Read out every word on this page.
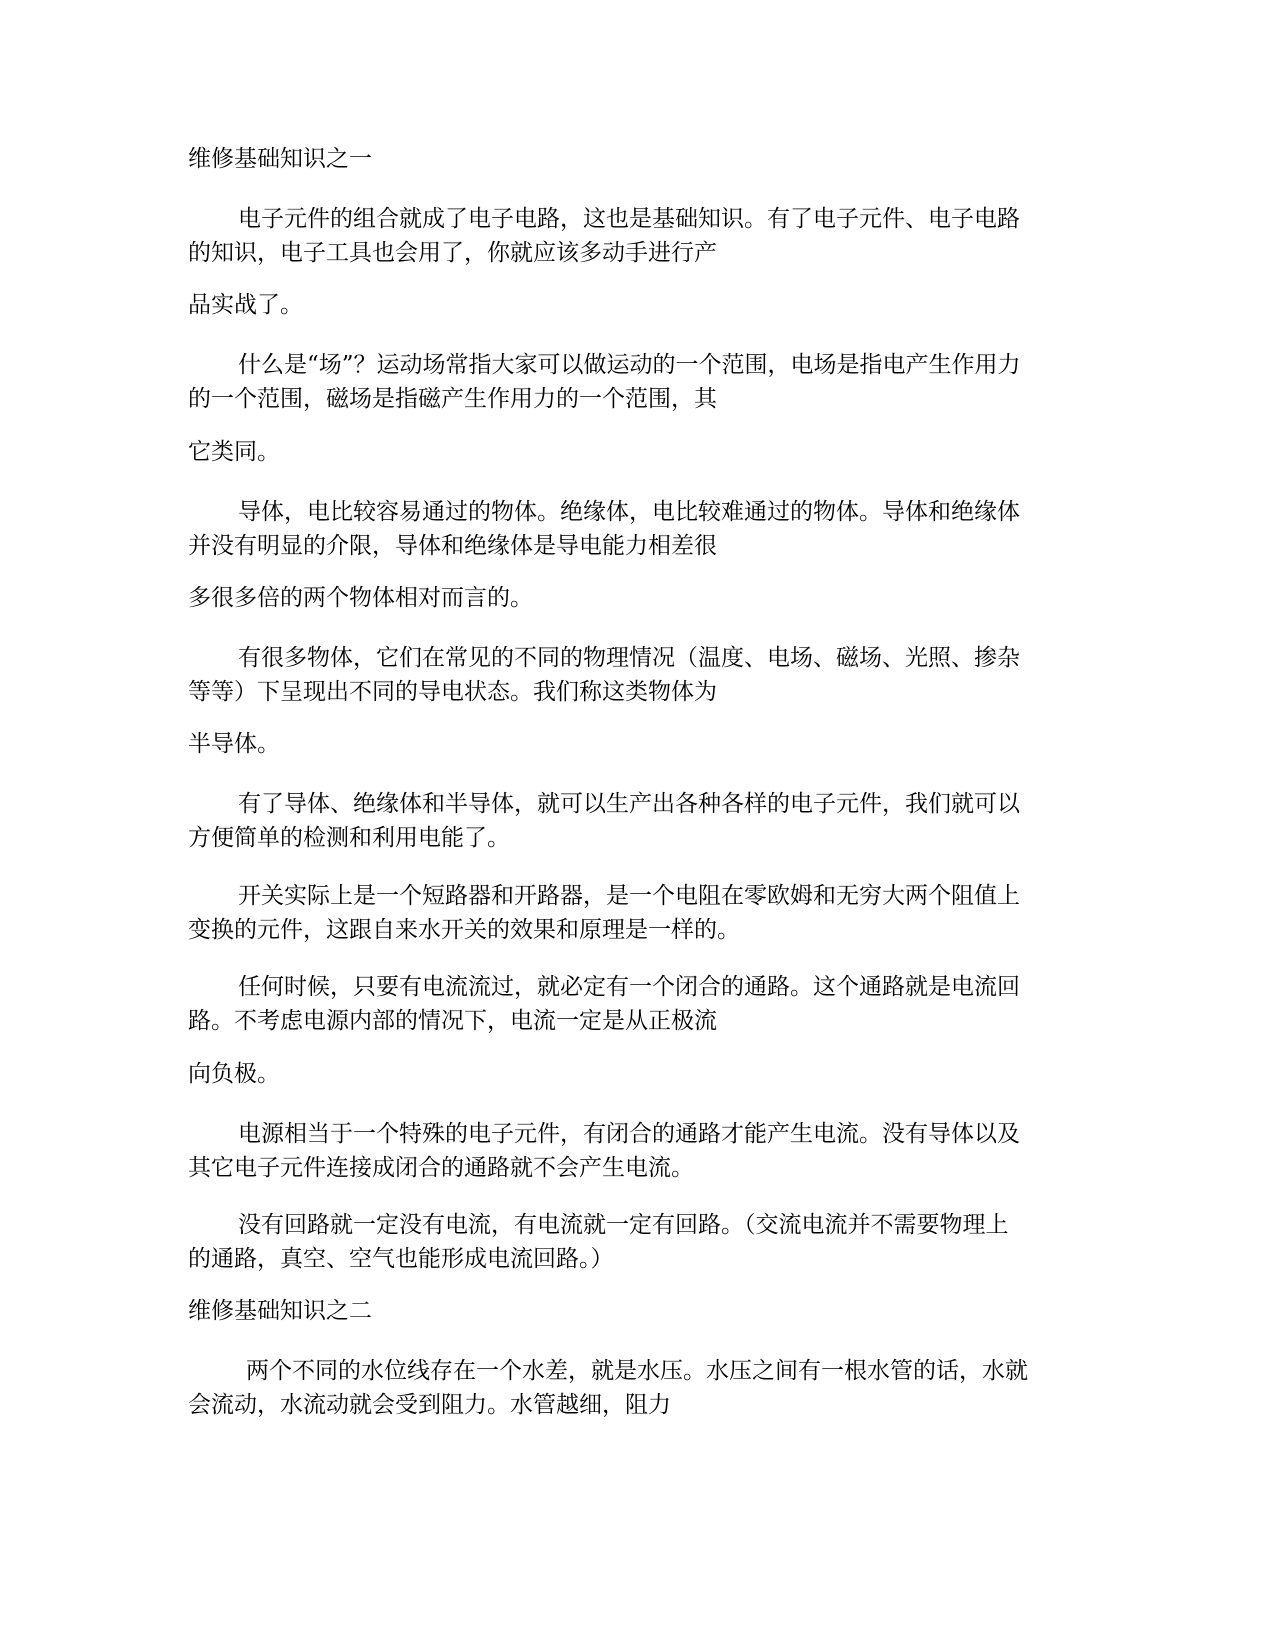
维修基础知识之一

电子元件的组合就成了电子电路，这也是基础知识。有了电子元件、电子电路
的知识，电子工具也会用了，你就应该多动手进行产

品实战了。

什么是“场”？运动场常指大家可以做运动的一个范围，电场是指电产生作用力
的一个范围，磁场是指磁产生作用力的一个范围，其

它类同。

导体，电比较容易通过的物体。绝缘体，电比较难通过的物体。导体和绝缘体
并没有明显的介限，导体和绝缘体是导电能力相差很

多很多倍的两个物体相对而言的。

有很多物体，它们在常见的不同的物理情况（温度、电场、磁场、光照、掺杂
等等）下呈现出不同的导电状态。我们称这类物体为

半导体。

有了导体、绝缘体和半导体，就可以生产出各种各样的电子元件，我们就可以
方便简单的检测和利用电能了。

开关实际上是一个短路器和开路器，是一个电阻在零欧姆和无穷大两个阻值上
变换的元件，这跟自来水开关的效果和原理是一样的。

任何时候，只要有电流流过，就必定有一个闭合的通路。这个通路就是电流回
路。不考虑电源内部的情况下，电流一定是从正极流

向负极。

电源相当于一个特殊的电子元件，有闭合的通路才能产生电流。没有导体以及
其它电子元件连接成闭合的通路就不会产生电流。

没有回路就一定没有电流，有电流就一定有回路。（交流电流并不需要物理上
的通路，真空、空气也能形成电流回路。）

维修基础知识之二

两个不同的水位线存在一个水差，就是水压。水压之间有一根水管的话，水就
会流动，水流动就会受到阻力。水管越细，阻力
